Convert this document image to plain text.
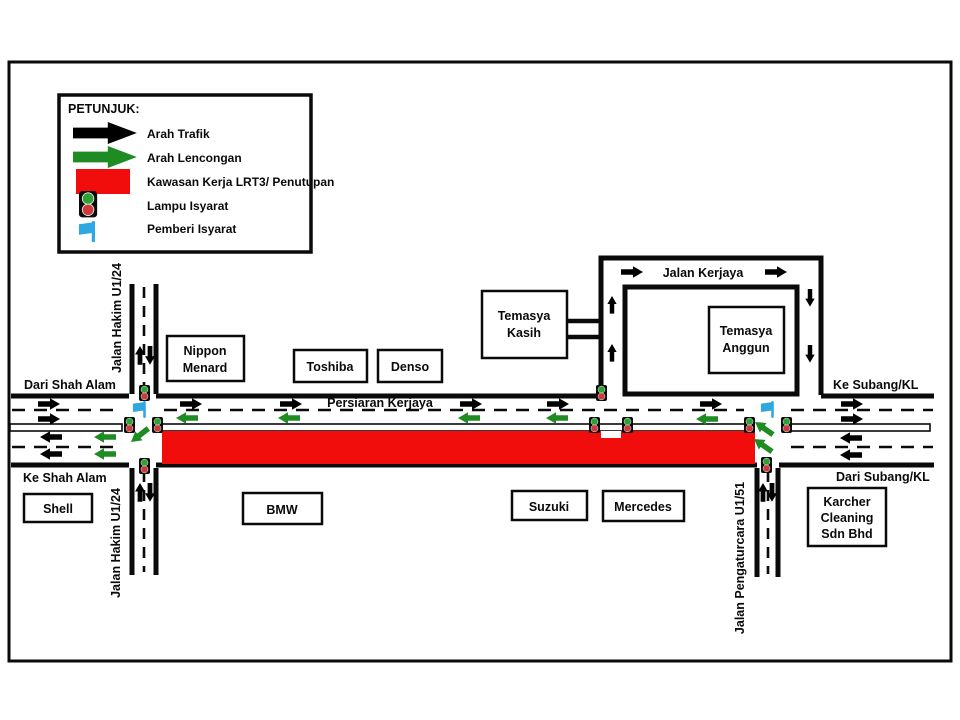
Jalan Kerjaya
Nippon
Menard	Toshiba	Denso
Temasya
Kasih	Temasya
Anggun
Shell	BMW	Suzuki	Mercedes	Karcher
Cleaning
Sdn Bhd
Dari Shah Alam
Ke Shah Alam
Ke Subang/KL
Dari Subang/KL
Persiaran Kerjaya
Jalan Hakim U1/24
Jalan Hakim U1/24	Jalan Pengaturcara U1/51
PETUNJUK:
Arah Trafik
Arah Lencongan
Kawasan Kerja LRT3/ Penutupan
Lampu Isyarat
Pemberi Isyarat
